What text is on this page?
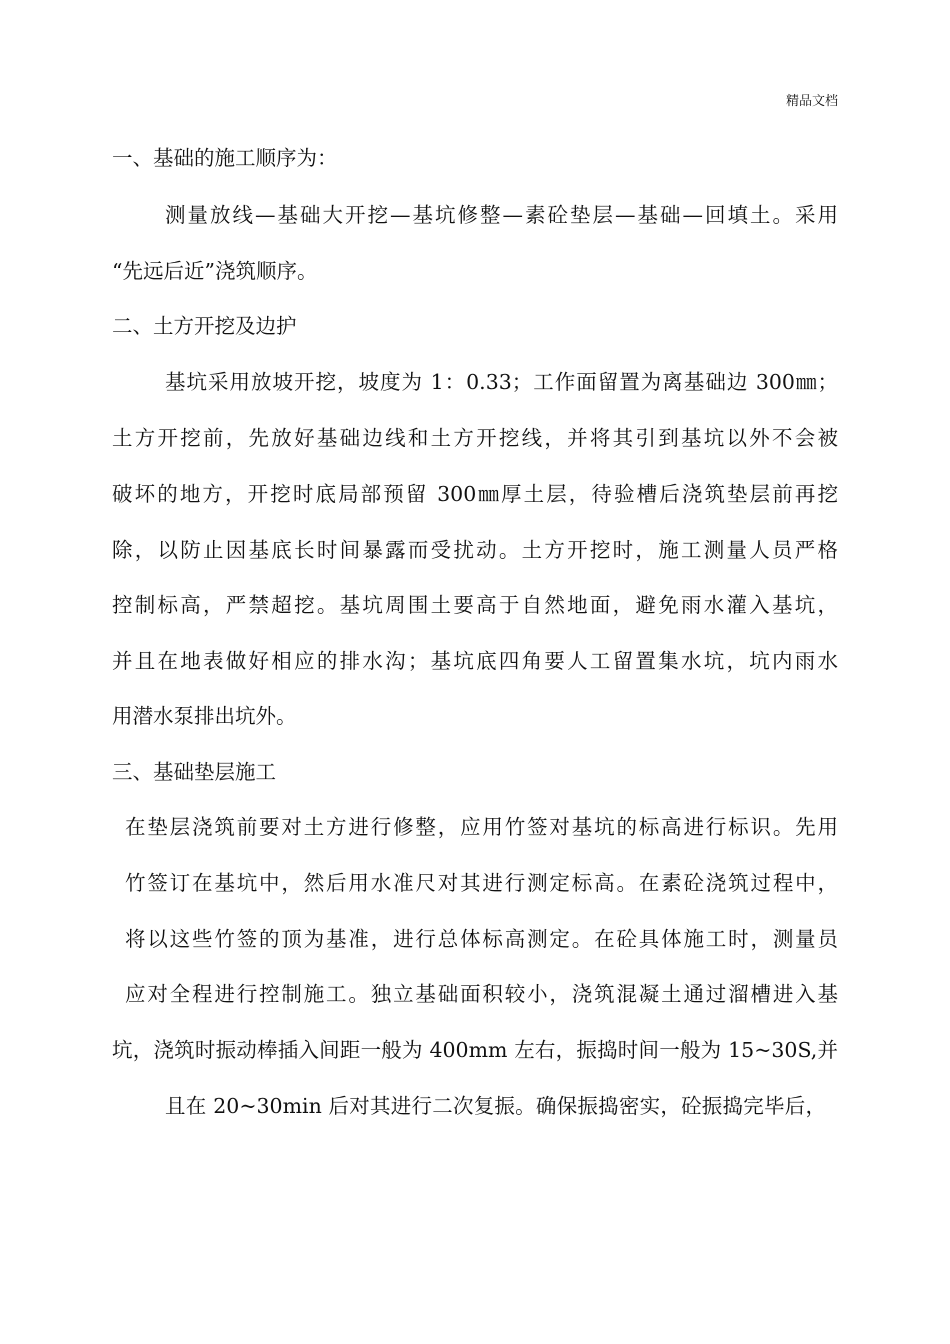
精品文档
一、基础的施工顺序为：
测量放线—基础大开挖—基坑修整—素砼垫层—基础—回填土。采用
“先远后近”浇筑顺序。
二、土方开挖及边护
基坑采用放坡开挖，坡度为 1：0.33；工作面留置为离基础边 300㎜；
土方开挖前，先放好基础边线和土方开挖线，并将其引到基坑以外不会被
破坏的地方，开挖时底局部预留 300㎜厚土层，待验槽后浇筑垫层前再挖
除，以防止因基底长时间暴露而受扰动。土方开挖时，施工测量人员严格
控制标高，严禁超挖。基坑周围土要高于自然地面，避免雨水灌入基坑，
并且在地表做好相应的排水沟；基坑底四角要人工留置集水坑，坑内雨水
用潜水泵排出坑外。
三、基础垫层施工
在垫层浇筑前要对土方进行修整，应用竹签对基坑的标高进行标识。先用
竹签订在基坑中，然后用水准尺对其进行测定标高。在素砼浇筑过程中，
将以这些竹签的顶为基准，进行总体标高测定。在砼具体施工时，测量员
应对全程进行控制施工。独立基础面积较小，浇筑混凝土通过溜槽进入基
坑，浇筑时振动棒插入间距一般为 400mm 左右，振捣时间一般为 15~30S,并
且在 20~30min 后对其进行二次复振。确保振捣密实，砼振捣完毕后，
